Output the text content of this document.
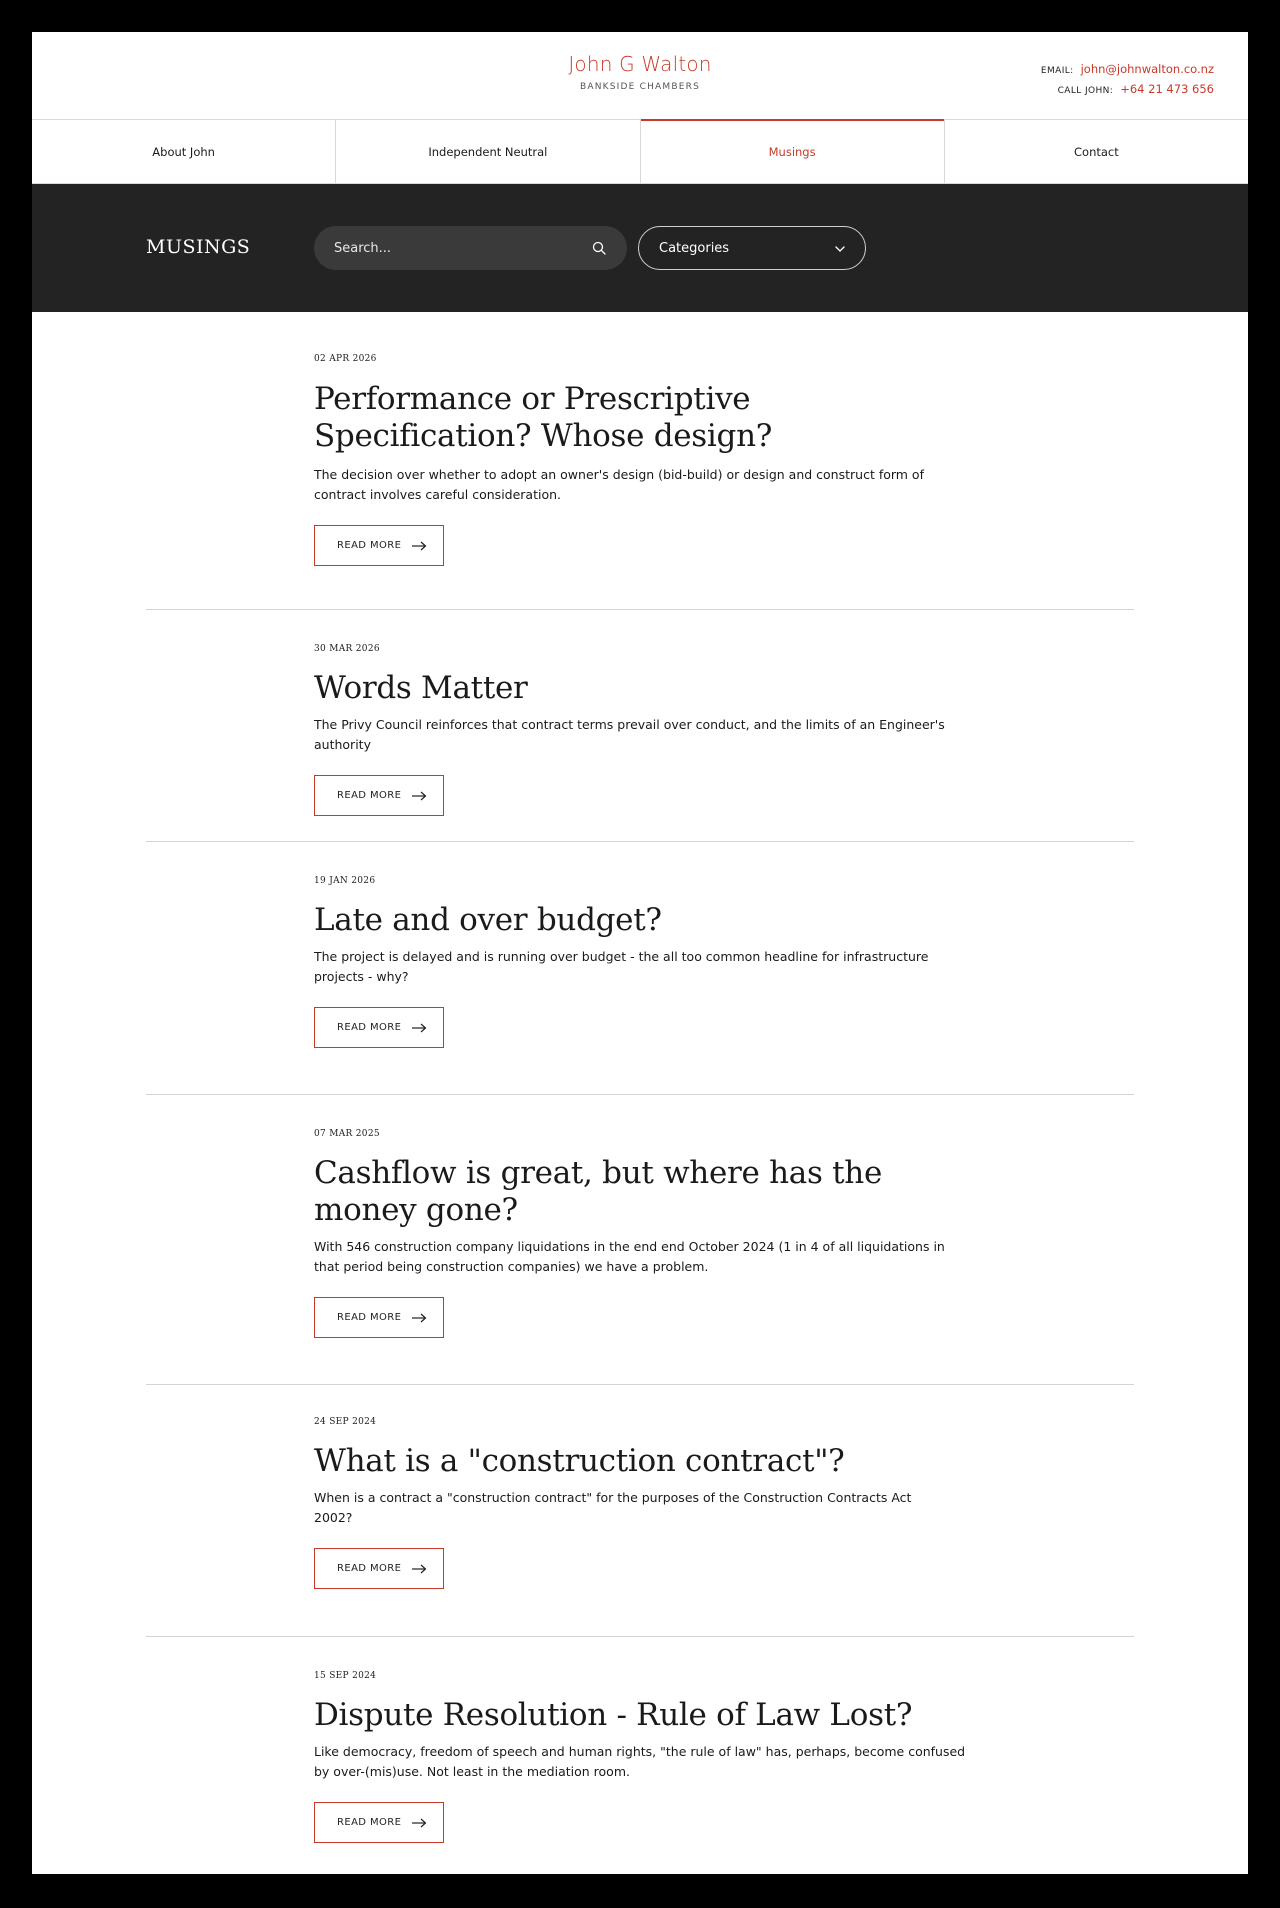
John G Walton
BANKSIDE CHAMBERS
EMAIL: john@johnwalton.co.nz
CALL JOHN: +64 21 473 656
About John	Independent Neutral	Musings	Contact
MUSINGS
Search...	Categories
02 APR 2026
Performance or Prescriptive Specification? Whose design?

The decision over whether to adopt an owner's design (bid-build) or design and construct form of contract involves careful consideration.

READ MORE
30 MAR 2026
Words Matter

The Privy Council reinforces that contract terms prevail over conduct, and the limits of an Engineer's authority

READ MORE
19 JAN 2026
Late and over budget?

The project is delayed and is running over budget - the all too common headline for infrastructure projects - why?

READ MORE
07 MAR 2025
Cashflow is great, but where has the money gone?

With 546 construction company liquidations in the end end October 2024 (1 in 4 of all liquidations in that period being construction companies) we have a problem.

READ MORE
24 SEP 2024
What is a "construction contract"?

When is a contract a "construction contract" for the purposes of the Construction Contracts Act 2002?

READ MORE
15 SEP 2024
Dispute Resolution - Rule of Law Lost?

Like democracy, freedom of speech and human rights, "the rule of law" has, perhaps, become confused by over-(mis)use. Not least in the mediation room.

READ MORE
